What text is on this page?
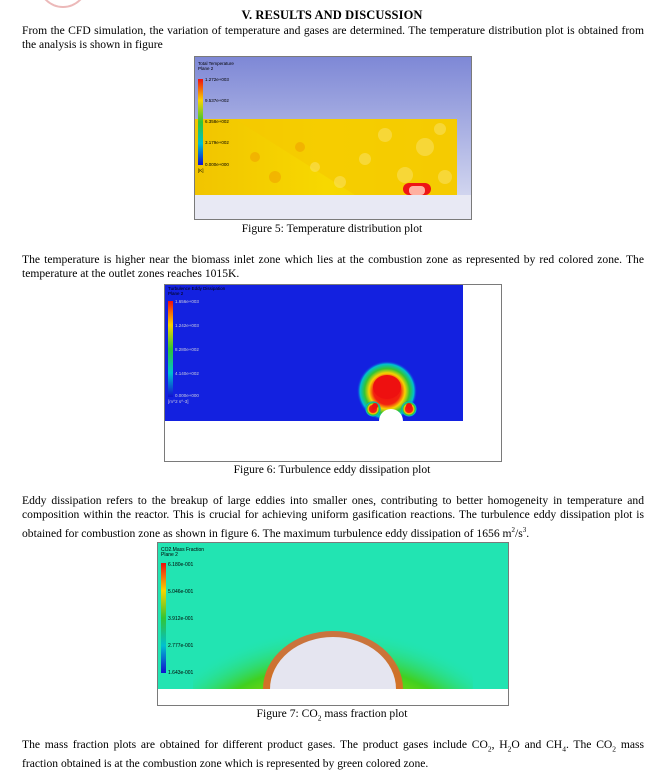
V. RESULTS AND DISCUSSION
From the CFD simulation, the variation of temperature and gases are determined. The temperature distribution plot is obtained from the analysis is shown in figure
Total Temperature
Plane 2
1.272e+003
9.537e+002
6.358e+002
3.179e+002
0.000e+000
[K]
Figure 5: Temperature distribution plot
The temperature is higher near the biomass inlet zone which lies at the combustion zone as represented by red colored zone. The temperature at the outlet zones reaches 1015K.
Turbulence Eddy Dissipation
Plane 2
1.656e+003
1.242e+003
8.280e+002
4.140e+002
0.000e+000
[m^2 s^-3]
Figure 6: Turbulence eddy dissipation plot
Eddy dissipation refers to the breakup of large eddies into smaller ones, contributing to better homogeneity in temperature and composition within the reactor. This is crucial for achieving uniform gasification reactions. The turbulence eddy dissipation plot is obtained for combustion zone as shown in figure 6. The maximum turbulence eddy dissipation of 1656 $m^2/s^3$.
CO2.Mass Fraction
Plane 2
6.180e-001
5.046e-001
3.912e-001
2.777e-001
1.643e-001
Figure 7: $CO_2$ mass fraction plot
The mass fraction plots are obtained for different product gases. The product gases include $CO_2$, $H_2O$ and $CH_4$. The $CO_2$ mass fraction obtained is at the combustion zone which is represented by green colored zone.
